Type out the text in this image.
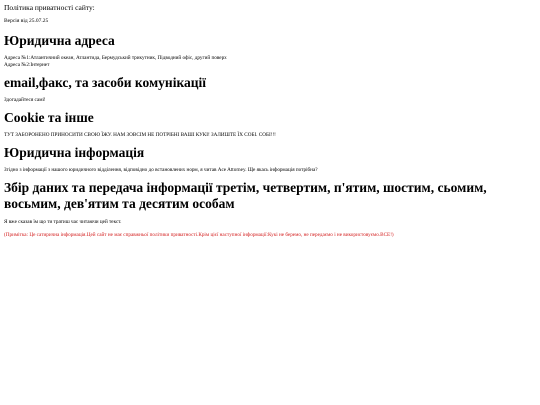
Політика приватності сайту:
Версія від 25.07.25
Юридична адреса

Адреса №1:Атлантичний океан, Атлантида, Бермудський трикутник, Підводний офіс, другий поверх

Адреса №2:Інтернет

email,факс, та засоби комунікації

Здогадайтеся самі!

Cookie та інше

ТУТ ЗАБОРОНЕНО ПРИНОСИТИ СВОЮ ЇЖУ. НАМ ЗОВСІМ НЕ ПОТРІБНІ ВАШІ КУКІ! ЗАЛИШТЕ ЇХ СОБІ. СОБІ!!!

Юридична інформація

Згідно з інформації з нашого юридичного відділення, відповідно до встановлених норм, я читав Ace Attorney. Ще якась інформація потрібна?

Збір даних та передача інформації третім, четвертим, п'ятим, шостим, сьомим, восьмим, дев'ятим та десятим особам

Я вже сказав їм що ти тратиш час читаючи цей текст.

(Примітка: Це сатирична інформація.Цей сайт не має справжньої політики приватності.Крім цієї наступної інформації:Кукі не беремо, не передаємо і не використовуємо.ВСЕ!)
